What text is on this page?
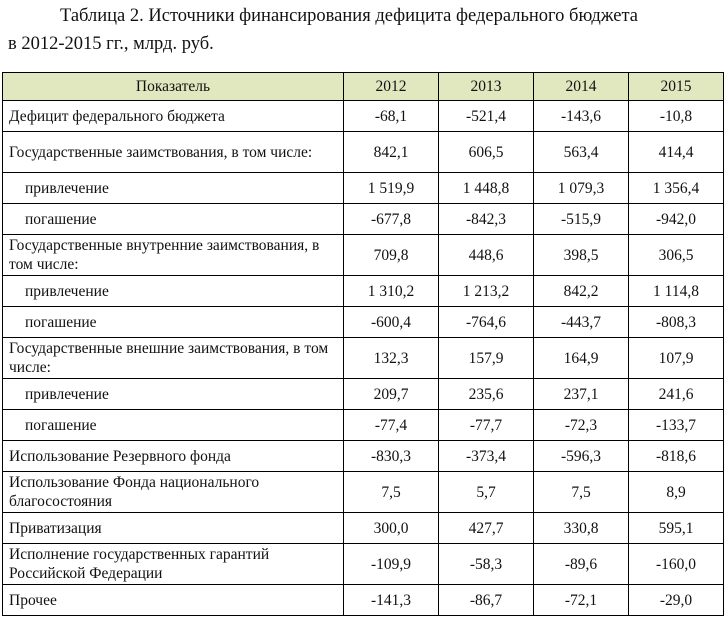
Таблица 2. Источники финансирования дефицита федерального бюджета
в 2012-2015 гг., млрд. руб.
Показатель	2012	2013	2014	2015
Дефицит федерального бюджета	-68,1	-521,4	-143,6	-10,8
Государственные заимствования, в том числе:	842,1	606,5	563,4	414,4
привлечение	1 519,9	1 448,8	1 079,3	1 356,4
погашение	-677,8	-842,3	-515,9	-942,0
Государственные внутренние заимствования, в том числе:	709,8	448,6	398,5	306,5
привлечение	1 310,2	1 213,2	842,2	1 114,8
погашение	-600,4	-764,6	-443,7	-808,3
Государственные внешние заимствования, в том числе:	132,3	157,9	164,9	107,9
привлечение	209,7	235,6	237,1	241,6
погашение	-77,4	-77,7	-72,3	-133,7
Использование Резервного фонда	-830,3	-373,4	-596,3	-818,6
Использование Фонда национального благосостояния	7,5	5,7	7,5	8,9
Приватизация	300,0	427,7	330,8	595,1
Исполнение государственных гарантий Российской Федерации	-109,9	-58,3	-89,6	-160,0
Прочее	-141,3	-86,7	-72,1	-29,0
